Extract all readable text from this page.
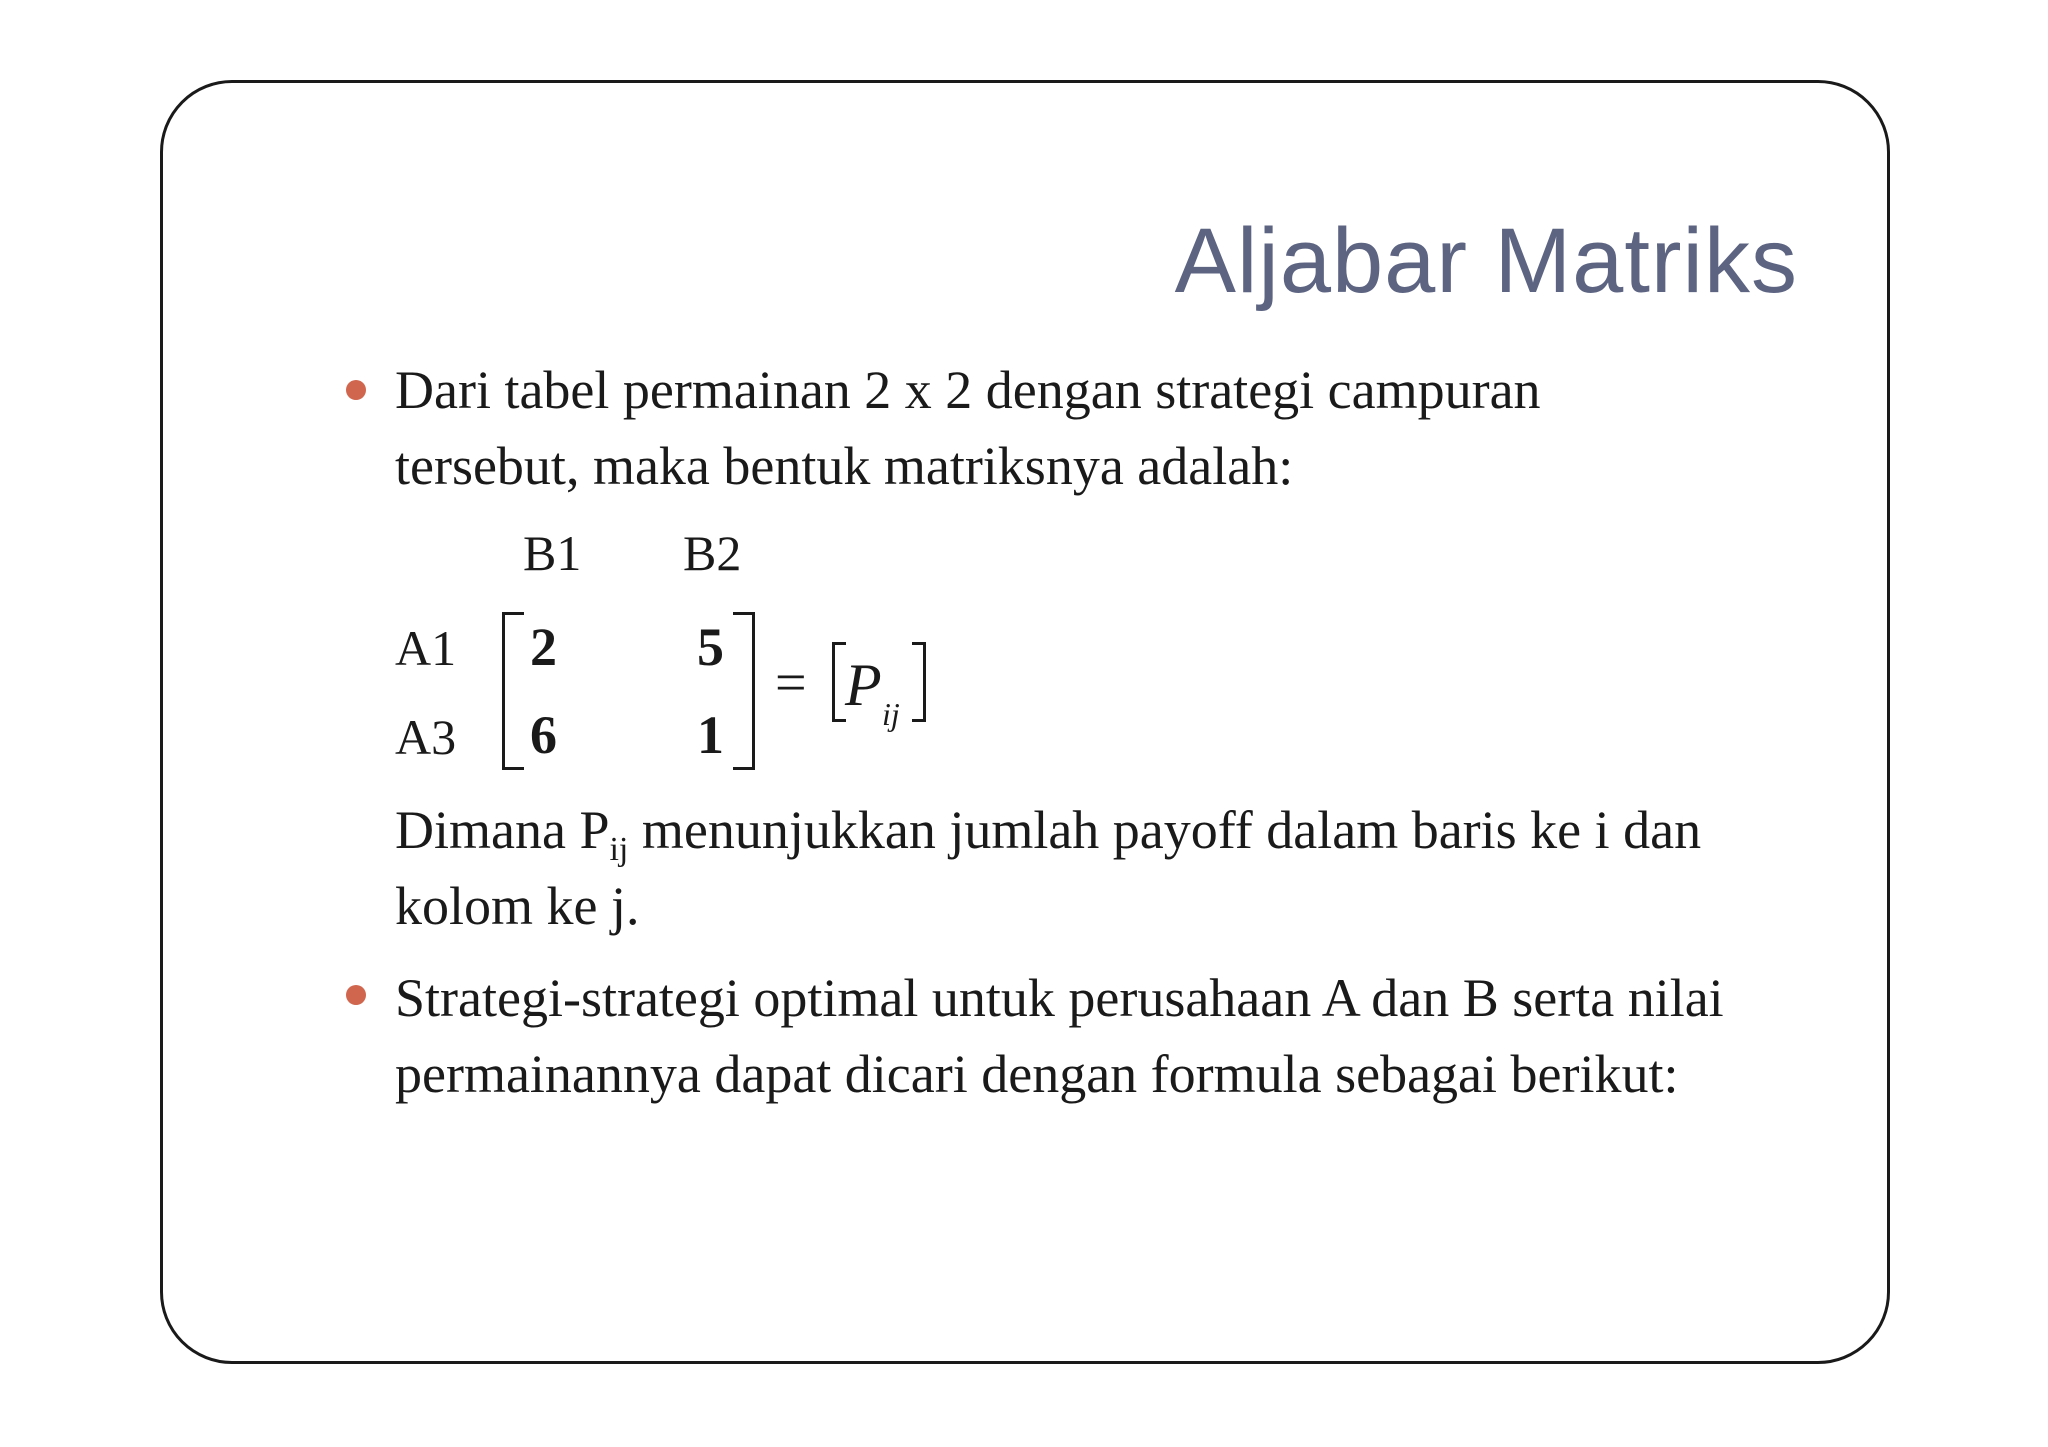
Aljabar Matriks

Dari tabel permainan 2 x 2 dengan strategi campuran
tersebut, maka bentuk matriksnya adalah:

B1 B2
A1
A3
2	5
6	1
= P ij

Dimana $P_{ij}$ menunjukkan jumlah payoff dalam baris ke i dan
kolom ke j.

Strategi-strategi optimal untuk perusahaan A dan B serta nilai
permainannya dapat dicari dengan formula sebagai berikut:
